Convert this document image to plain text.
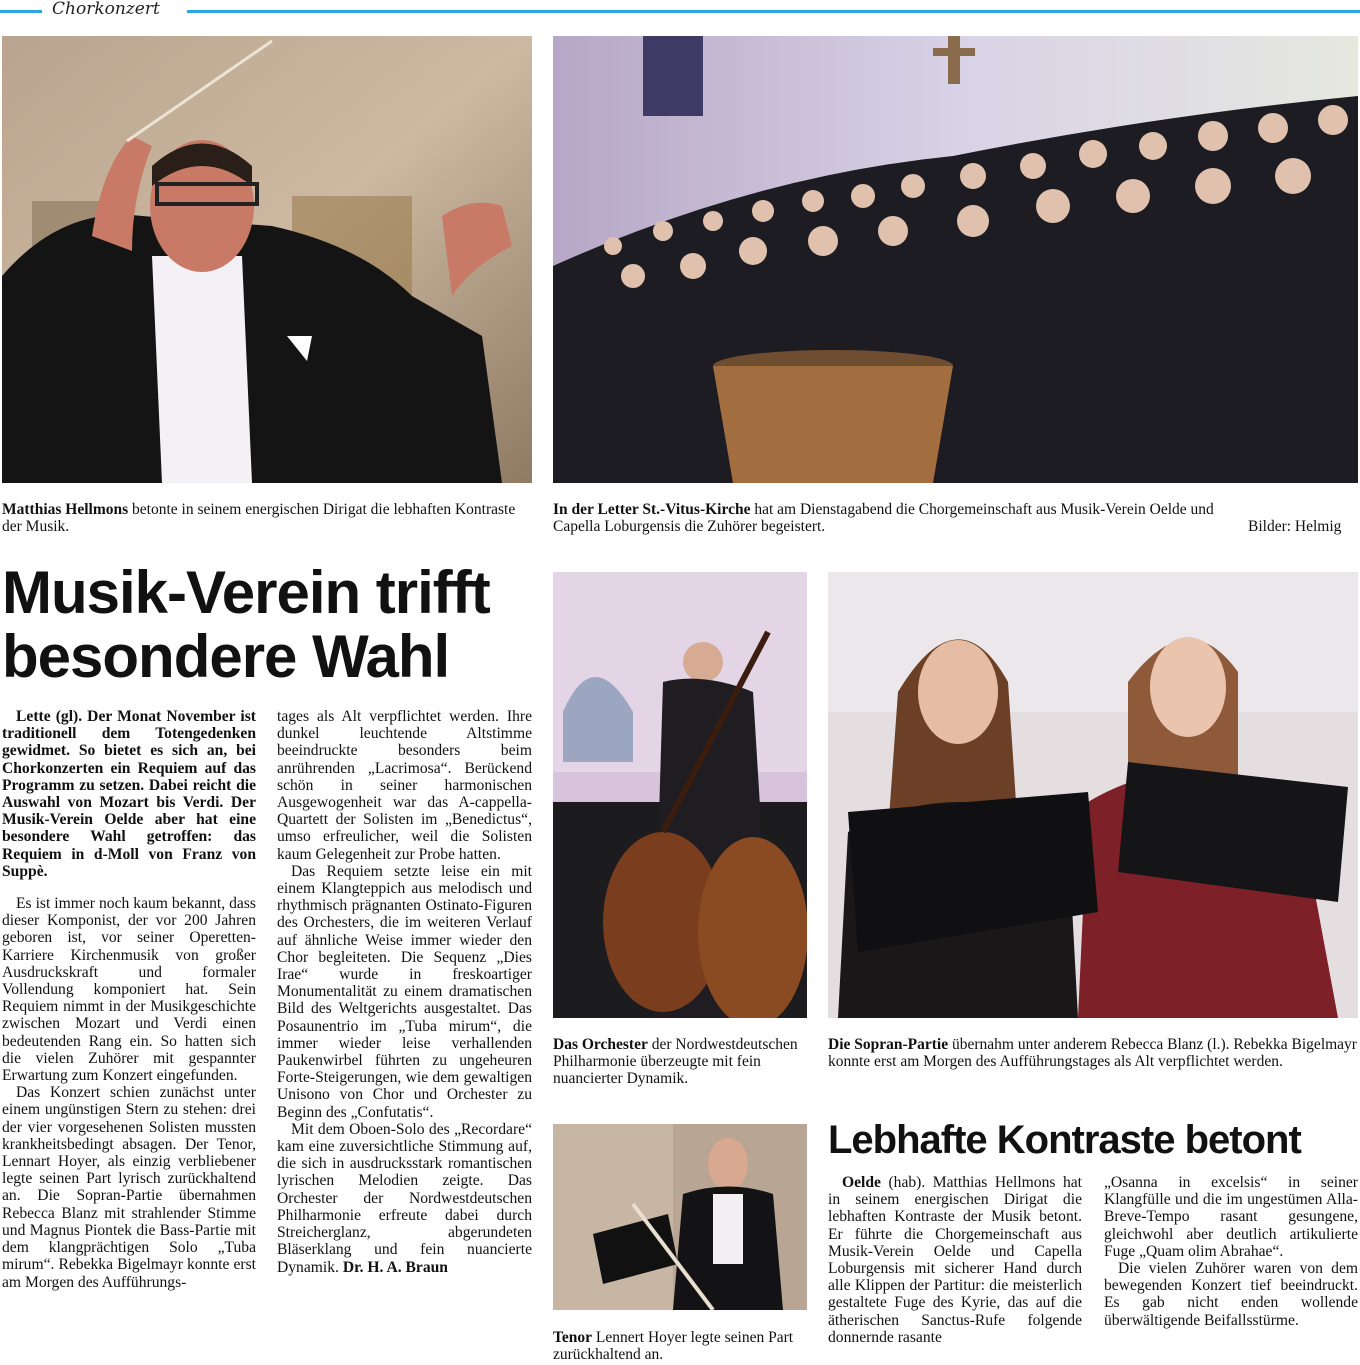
Chorkonzert
Matthias Hellmons betonte in seinem energischen Dirigat die lebhaften Kontraste der Musik.
In der Letter St.-Vitus-Kirche hat am Dienstagabend die Chorgemeinschaft aus Musik-Verein Oelde und Capella Loburgensis die Zuhörer begeistert.	Bilder: Helmig
Musik-Verein trifft
besondere Wahl

Lette (gl). Der Monat November ist traditionell dem Totengedenken gewidmet. So bietet es sich an, bei Chorkonzerten ein Requiem auf das Programm zu setzen. Dabei reicht die Auswahl von Mozart bis Verdi. Der Musik-Verein Oelde aber hat eine besondere Wahl getroffen: das Requiem in d-Moll von Franz von Suppè.

Es ist immer noch kaum bekannt, dass dieser Komponist, der vor 200 Jahren geboren ist, vor seiner Operetten-Karriere Kirchenmusik von großer Ausdruckskraft und formaler Vollendung komponiert hat. Sein Requiem nimmt in der Musikgeschichte zwischen Mozart und Verdi einen bedeutenden Rang ein. So hatten sich die vielen Zuhörer mit gespannter Erwartung zum Konzert eingefunden.

Das Konzert schien zunächst unter einem ungünstigen Stern zu stehen: drei der vier vorgesehenen Solisten mussten krankheitsbedingt absagen. Der Tenor, Lennart Hoyer, als einzig verbliebener legte seinen Part lyrisch zurückhaltend an. Die Sopran-Partie übernahmen Rebecca Blanz mit strahlender Stimme und Magnus Piontek die Bass-Partie mit dem klangprächtigen Solo „Tuba mirum“. Rebekka Bigelmayr konnte erst am Morgen des Aufführungs-

tages als Alt verpflichtet werden. Ihre dunkel leuchtende Altstimme beeindruckte besonders beim anrührenden „Lacrimosa“. Berückend schön in seiner harmonischen Ausgewogenheit war das A-cappella-Quartett der Solisten im „Benedictus“, umso erfreulicher, weil die Solisten kaum Gelegenheit zur Probe hatten.

Das Requiem setzte leise ein mit einem Klangteppich aus melodisch und rhythmisch prägnanten Ostinato-Figuren des Orchesters, die im weiteren Verlauf auf ähnliche Weise immer wieder den Chor begleiteten. Die Sequenz „Dies Irae“ wurde in freskoartiger Monumentalität zu einem dramatischen Bild des Weltgerichts ausgestaltet. Das Posaunentrio im „Tuba mirum“, die immer wieder leise verhallenden Paukenwirbel führten zu ungeheuren Forte-Steigerungen, wie dem gewaltigen Unisono von Chor und Orchester zu Beginn des „Confutatis“.

Mit dem Oboen-Solo des „Recordare“ kam eine zuversichtliche Stimmung auf, die sich in ausdrucksstark romantischen lyrischen Melodien zeigte. Das Orchester der Nordwestdeutschen Philharmonie erfreute dabei durch Streicherglanz, abgerundeten Bläserklang und fein nuancierte Dynamik. Dr. H. A. Braun

Das Orchester der Nordwestdeutschen Philharmonie überzeugte mit fein nuancierter Dynamik.
Die Sopran-Partie übernahm unter anderem Rebecca Blanz (l.). Rebekka Bigelmayr konnte erst am Morgen des Aufführungstages als Alt verpflichtet werden.
Tenor Lennert Hoyer legte seinen Part zurückhaltend an.
Lebhafte Kontraste betont

Oelde (hab). Matthias Hellmons hat in seinem energischen Dirigat die lebhaften Kontraste der Musik betont. Er führte die Chorgemeinschaft aus Musik-Verein Oelde und Capella Loburgensis mit sicherer Hand durch alle Klippen der Partitur: die meisterlich gestaltete Fuge des Kyrie, das auf die ätherischen Sanctus-Rufe folgende donnernde rasante

„Osanna in excelsis“ in seiner Klangfülle und die im ungestümen Alla-Breve-Tempo rasant gesungene, gleichwohl aber deutlich artikulierte Fuge „Quam olim Abrahae“.

Die vielen Zuhörer waren von dem bewegenden Konzert tief beeindruckt. Es gab nicht enden wollende überwältigende Beifallsstürme.
